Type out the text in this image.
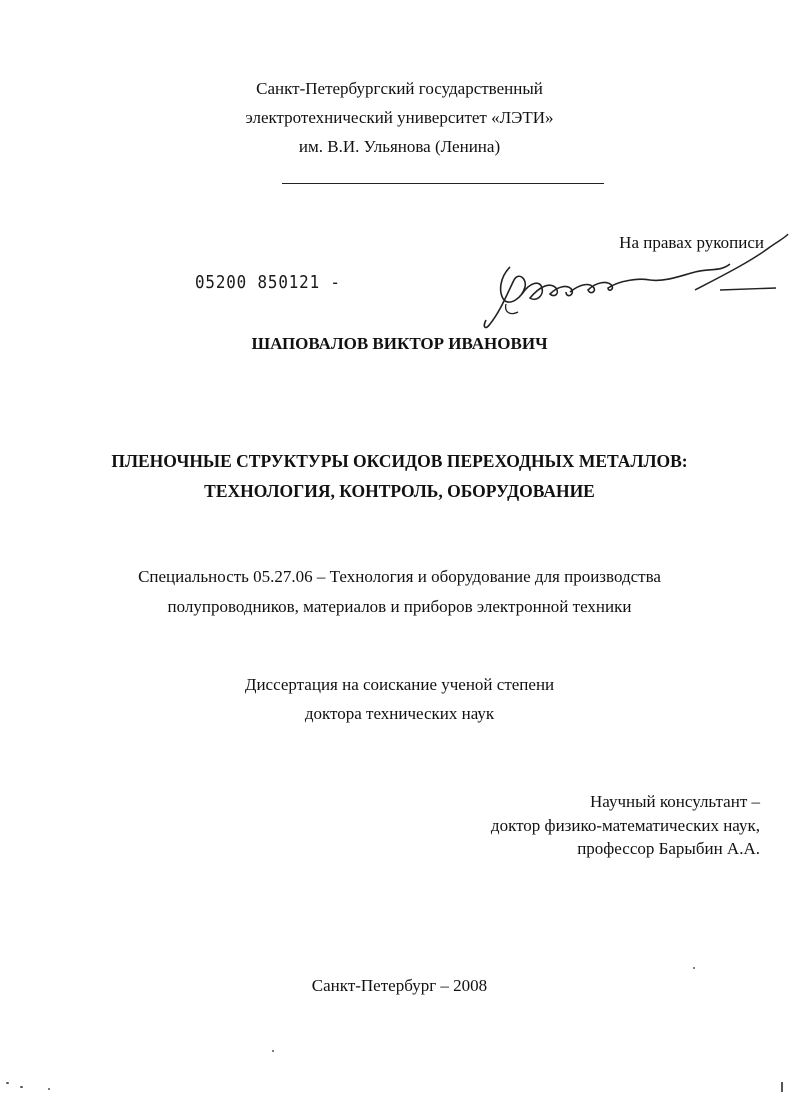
Санкт-Петербургский государственный
электротехнический университет «ЛЭТИ»
им. В.И. Ульянова (Ленина)
На правах рукописи
05200 850121 -
ШАПОВАЛОВ ВИКТОР ИВАНОВИЧ
ПЛЕНОЧНЫЕ СТРУКТУРЫ ОКСИДОВ ПЕРЕХОДНЫХ МЕТАЛЛОВ:
ТЕХНОЛОГИЯ, КОНТРОЛЬ, ОБОРУДОВАНИЕ
Специальность 05.27.06 – Технология и оборудование для производства
полупроводников, материалов и приборов электронной техники
Диссертация на соискание ученой степени
доктора технических наук
Научный консультант –
доктор физико-математических наук,
профессор Барыбин А.А.
Санкт-Петербург – 2008
